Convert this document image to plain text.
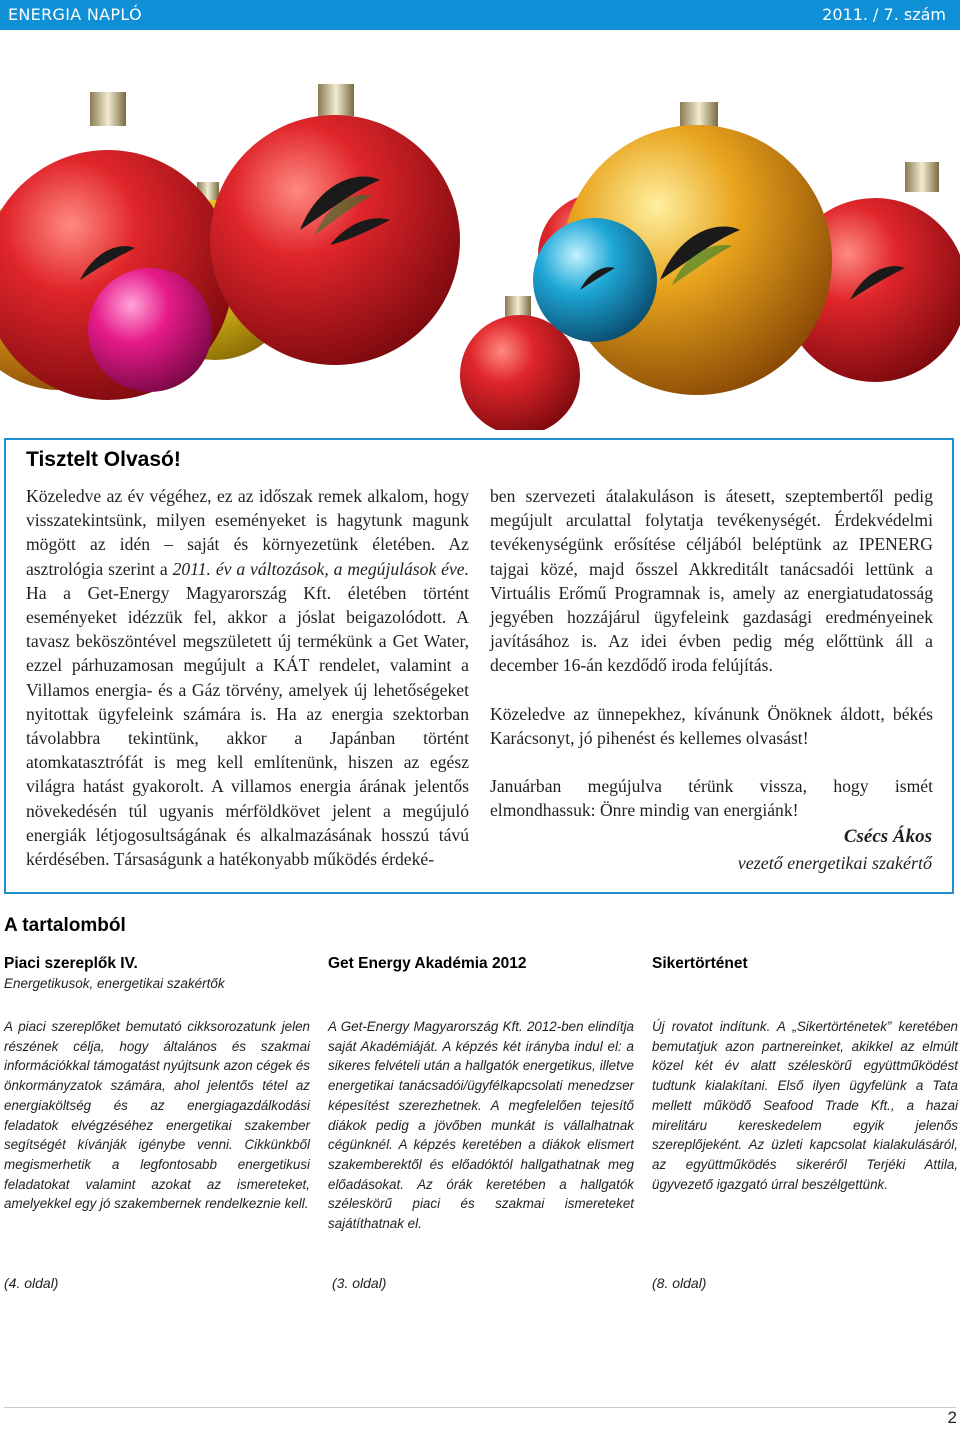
ENERGIA NAPLÓ	2011. / 7. szám
Tisztelt Olvasó!

Közeledve az év végéhez, ez az időszak remek alkalom, hogy visszatekintsünk, milyen eseményeket is hagytunk magunk mögött az idén – saját és környezetünk életében. Az asztrológia szerint a 2011. év a változások, a megújulások éve. Ha a Get-Energy Magyarország Kft. életében történt eseményeket idézzük fel, akkor a jóslat beigazolódott. A tavasz beköszöntével megszületett új termékünk a Get Water, ezzel párhuzamosan megújult a KÁT rendelet, valamint a Villamos energia- és a Gáz törvény, amelyek új lehetőségeket nyitottak ügyfeleink számára is. Ha az energia szektorban távolabbra tekintünk, akkor a Japánban történt atomkatasztrófát is meg kell említenünk, hiszen az egész világra hatást gyakorolt. A villamos energia árának jelentős növekedésén túl ugyanis mérföldkövet jelent a megújuló energiák létjogosultságának és alkalmazásának hosszú távú kérdésében. Társaságunk a hatékonyabb működés érdeké-

ben szervezeti átalakuláson is átesett, szeptembertől pedig megújult arculattal folytatja tevékenységét. Érdekvédelmi tevékenységünk erősítése céljából beléptünk az IPENERG tajgai közé, majd ősszel Akkreditált tanácsadói lettünk a Virtuális Erőmű Programnak is, amely az energiatudatosság jegyében hozzájárul ügyfeleink gazdasági eredményeinek javításához is. Az idei évben pedig még előttünk áll a december 16-án kezdődő iroda felújítás.

Közeledve az ünnepekhez, kívánunk Önöknek áldott, békés Karácsonyt, jó pihenést és kellemes olvasást!

Januárban megújulva térünk vissza, hogy ismét elmondhassuk: Önre mindig van energiánk!

Csécs Ákos
vezető energetikai szakértő
A tartalomból
Piaci szereplők IV.
Energetikusok, energetikai szakértők
A piaci szereplőket bemutató cikksorozatunk jelen részének célja, hogy általános és szakmai információkkal támogatást nyújtsunk azon cégek és önkormányzatok számára, ahol jelentős tétel az energiaköltség és az energiagazdálkodási feladatok elvégzéséhez energetikai szakember segítségét kívánják igénybe venni. Cikkünkből megismerhetik a legfontosabb energetikusi feladatokat valamint azokat az ismereteket, amelyekkel egy jó szakembernek rendelkeznie kell.
(4. oldal)
Get Energy Akadémia 2012
A Get-Energy Magyarország Kft. 2012-ben elindítja saját Akadémiáját. A képzés két irányba indul el: a sikeres felvételi után a hallgatók energetikus, illetve energetikai tanácsadói/ügyfélkapcsolati menedzser képesítést szerezhetnek. A megfelelően tejesítő diákok pedig a jövőben munkát is vállalhatnak cégünknél. A képzés keretében a diákok elismert szakemberektől és előadóktól hallgathatnak meg előadásokat. Az órák keretében a hallgatók széleskörű piaci és szakmai ismereteket sajátíthatnak el.
(3. oldal)
Sikertörténet
Új rovatot indítunk. A „Sikertörténetek” keretében bemutatjuk azon partnereinket, akikkel az elmúlt közel két év alatt széleskörű együttműködést tudtunk kialakítani. Első ilyen ügyfelünk a Tata mellett működő Seafood Trade Kft., a hazai mirelitáru kereskedelem egyik jelenős szereplőjeként. Az üzleti kapcsolat kialakulásáról, az együttműködés sikeréről Terjéki Attila, ügyvezető igazgató úrral beszélgettünk.
(8. oldal)
2
